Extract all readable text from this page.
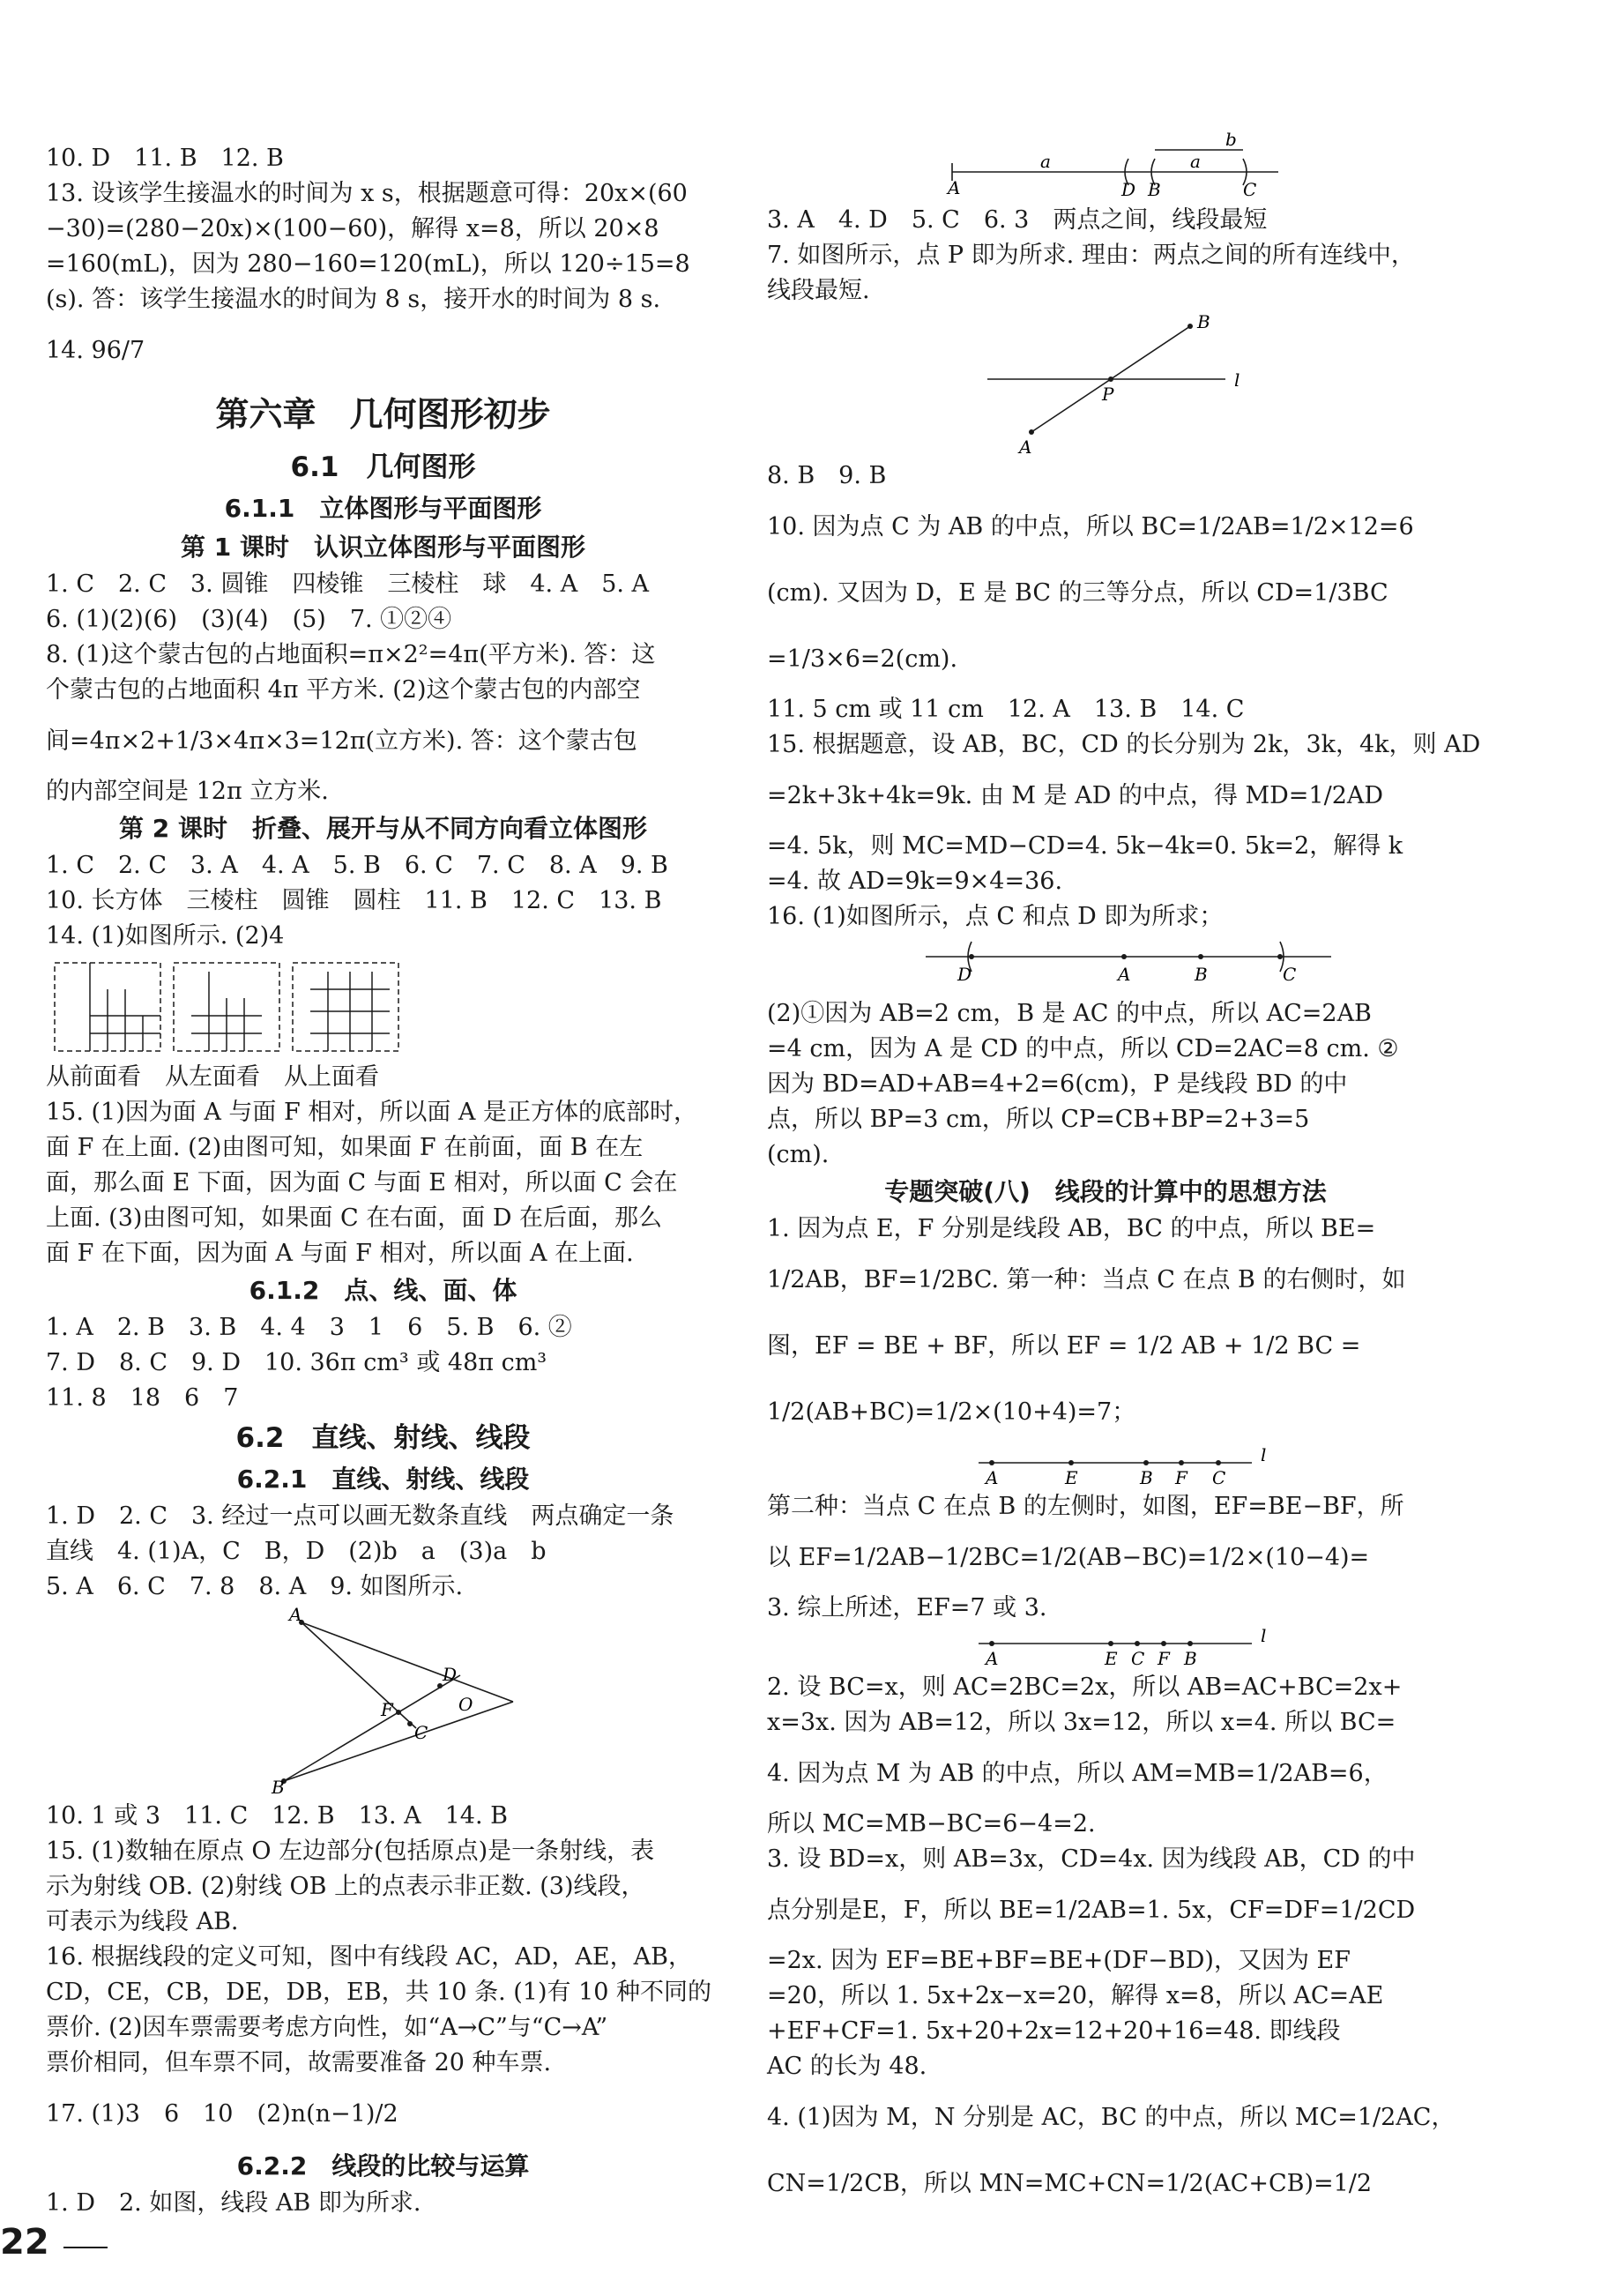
10. D　11. B　12. B
13. 设该学生接温水的时间为 x s，根据题意可得：20x×(60
−30)=(280−20x)×(100−60)，解得 x=8，所以 20×8
=160(mL)，因为 280−160=120(mL)，所以 120÷15=8
(s). 答：该学生接温水的时间为 8 s，接开水的时间为 8 s.
14. 96/7
第六章　几何图形初步
6.1　几何图形
6.1.1　立体图形与平面图形
第 1 课时　认识立体图形与平面图形
1. C　2. C　3. 圆锥　四棱锥　三棱柱　球　4. A　5. A
6. (1)(2)(6)　(3)(4)　(5)　7. ①②④
8. (1)这个蒙古包的占地面积=π×2²=4π(平方米). 答：这
个蒙古包的占地面积 4π 平方米. (2)这个蒙古包的内部空
间=4π×2+1/3×4π×3=12π(立方米). 答：这个蒙古包
的内部空间是 12π 立方米.
第 2 课时　折叠、展开与从不同方向看立体图形
1. C　2. C　3. A　4. A　5. B　6. C　7. C　8. A　9. B
10. 长方体　三棱柱　圆锥　圆柱　11. B　12. C　13. B
14. (1)如图所示. (2)4
从前面看　从左面看　从上面看
15. (1)因为面 A 与面 F 相对，所以面 A 是正方体的底部时，
面 F 在上面. (2)由图可知，如果面 F 在前面，面 B 在左
面，那么面 E 下面，因为面 C 与面 E 相对，所以面 C 会在
上面. (3)由图可知，如果面 C 在右面，面 D 在后面，那么
面 F 在下面，因为面 A 与面 F 相对，所以面 A 在上面.
6.1.2　点、线、面、体
1. A　2. B　3. B　4. 4　3　1　6　5. B　6. ②
7. D　8. C　9. D　10. 36π cm³ 或 48π cm³
11. 8　18　6　7
6.2　直线、射线、线段
6.2.1　直线、射线、线段
1. D　2. C　3. 经过一点可以画无数条直线　两点确定一条
直线　4. (1)A，C　B，D　(2)b　a　(3)a　b
5. A　6. C　7. 8　8. A　9. 如图所示.
A
D
O
F
C
B
10. 1 或 3　11. C　12. B　13. A　14. B
15. (1)数轴在原点 O 左边部分(包括原点)是一条射线，表
示为射线 OB. (2)射线 OB 上的点表示非正数. (3)线段，
可表示为线段 AB.
16. 根据线段的定义可知，图中有线段 AC，AD，AE，AB，
CD，CE，CB，DE，DB，EB，共 10 条. (1)有 10 种不同的
票价. (2)因车票需要考虑方向性，如“A→C”与“C→A”
票价相同，但车票不同，故需要准备 20 种车票.
17. (1)3　6　10　(2)n(n−1)/2
6.2.2　线段的比较与运算
1. D　2. 如图，线段 AB 即为所求.
A
a
D B
a
C
b
3. A　4. D　5. C　6. 3　两点之间，线段最短
7. 如图所示，点 P 即为所求. 理由：两点之间的所有连线中，
线段最短.
B
l
P
A
8. B　9. B
10. 因为点 C 为 AB 的中点，所以 BC=1/2AB=1/2×12=6
(cm). 又因为 D，E 是 BC 的三等分点，所以 CD=1/3BC
=1/3×6=2(cm).
11. 5 cm 或 11 cm　12. A　13. B　14. C
15. 根据题意，设 AB，BC，CD 的长分别为 2k，3k，4k，则 AD
=2k+3k+4k=9k. 由 M 是 AD 的中点，得 MD=1/2AD
=4. 5k，则 MC=MD−CD=4. 5k−4k=0. 5k=2，解得 k
=4. 故 AD=9k=9×4=36.
16. (1)如图所示，点 C 和点 D 即为所求；
D	A	B	C
(2)①因为 AB=2 cm，B 是 AC 的中点，所以 AC=2AB
=4 cm，因为 A 是 CD 的中点，所以 CD=2AC=8 cm. ②
因为 BD=AD+AB=4+2=6(cm)，P 是线段 BD 的中
点，所以 BP=3 cm，所以 CP=CB+BP=2+3=5
(cm).
专题突破(八)　线段的计算中的思想方法
1. 因为点 E，F 分别是线段 AB，BC 的中点，所以 BE=
1/2AB，BF=1/2BC. 第一种：当点 C 在点 B 的右侧时，如
图，EF = BE + BF，所以 EF = 1/2 AB + 1/2 BC =
1/2(AB+BC)=1/2×(10+4)=7；
A	E	B F C
l
第二种：当点 C 在点 B 的左侧时，如图，EF=BE−BF，所
以 EF=1/2AB−1/2BC=1/2(AB−BC)=1/2×(10−4)=
3. 综上所述，EF=7 或 3.
A	E C F B
l
2. 设 BC=x，则 AC=2BC=2x，所以 AB=AC+BC=2x+
x=3x. 因为 AB=12，所以 3x=12，所以 x=4. 所以 BC=
4. 因为点 M 为 AB 的中点，所以 AM=MB=1/2AB=6，
所以 MC=MB−BC=6−4=2.
3. 设 BD=x，则 AB=3x，CD=4x. 因为线段 AB，CD 的中
点分别是E，F，所以 BE=1/2AB=1. 5x，CF=DF=1/2CD
=2x. 因为 EF=BE+BF=BE+(DF−BD)，又因为 EF
=20，所以 1. 5x+2x−x=20，解得 x=8，所以 AC=AE
+EF+CF=1. 5x+20+2x=12+20+16=48. 即线段
AC 的长为 48.
4. (1)因为 M，N 分别是 AC，BC 的中点，所以 MC=1/2AC，
CN=1/2CB，所以 MN=MC+CN=1/2(AC+CB)=1/2
22
